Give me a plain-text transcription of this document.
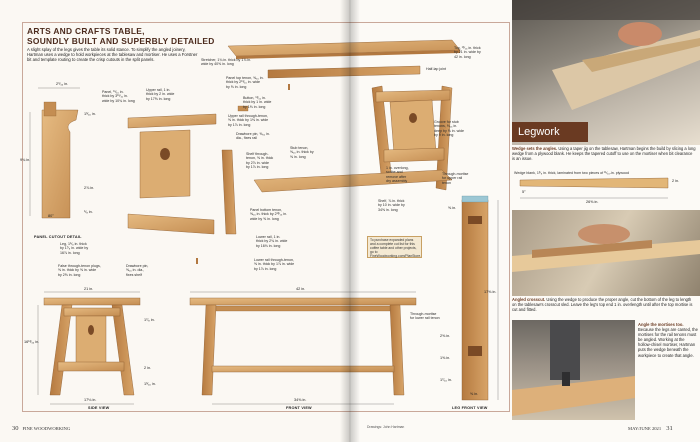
ARTS AND CRAFTS TABLE,
SOUNDLY BUILT AND SUPERBLY DETAILED

A slight splay of the legs gives the table its solid stance. To simplify the angled joinery, Hartman uses a wedge to hold workpieces at the tablesaw and mortiser. He uses a Forstner bit and template routing to create the crisp cutouts in the split panels.	Stretcher, 1¾ in. thick by 1⅞ in.
wide by 40⅝ in. long
Top, ¹³⁄₁₆ in. thick
by 21 in. wide by
42 in. long
Half-lap joint
Upper rail, 1 in.
thick by 2 in. wide
by 17⅝ in. long
Panel top tenon, ⅝₁₆ in.
thick by 2¹³⁄₁₆ in. wide
by ⅝ in. long
Panel, ¹¹⁄₁₆ in.
thick by 3¹⁵⁄₁₆ in.
wide by 10¾ in. long
Button, ¹³⁄₁₆ in.
thick by 1 in. wide
by 1⅜ in. long
Upper rail through-tenon,
⅝ in. thick by 1⅜ in. wide
by 1⅞ in. long
Drawbore pin, ⅝₁₆ in.
dia., fixes rail
Stub tenon,
⅝₁₆ in. thick by
⅝ in. long
Groove for stub
tenons, ⅝₁₆ in.
deep by ⅝ in. wide
by 9 in. long
Shelf through-
tenon, ⅝ in. thick
by 2⅞ in. wide
by 1⅞ in. long
Panel bottom tenon,
⅝₁₆ in. thick by 2¹³⁄₁₆ in.
wide by ⅝ in. long
Lower rail, 1 in.
thick by 2¾ in. wide
by 16⅛ in. long
Lower rail through-tenon,
⅝ in. thick by 1⅞ in. wide
by 1⅞ in. long
Leg, 1⁵⁄₈ in. thick
by 1⁷⁄₈ in. wide by
16⅞ in. long
1 in. overlong,
scribe and
remove after
dry assembly
Shelf, ⅞ in. thick
by 10 in. wide by
34⅝ in. long
Through-mortise
for upper rail
tenon
False through-tenon plugs,
⅝ in. thick by ⅝ in. wide
by 2⅝ in. long
Drawbore pin,
⅝₁₆ in. dia.,
fixes shelf
Through-mortise
for lower rail tenon
PANEL CUTOUT DETAIL
SIDE VIEW	FRONT VIEW	LEG FRONT VIEW
2⁹⁄₁₆ in.
1³⁄₁₆ in.
9¾ in.
2⅞ in.
⁵⁄₈ in.
80°
21 in.
16¹³⁄₁₆ in.
1⁷⁄₈ in.
2 in.
1³⁄₁₆ in.
17⅛ in.
42 in.
34⅝ in.
17⅜ in.
⅝ in.
2⅝ in.
1⅝ in.
1⁷⁄₁₆ in.
⅝ in.
To purchase expanded plans and a complete cut list for this coffee table and other projects, go to FineWoodworking.com/PlanStore.
Drawings: John Hartman
30 FINE WOODWORKING	MAY/JUNE 2021 31
Legwork

Wedge sets the angles. Using a taper jig on the tablesaw, Hartman begins the build by slicing a long wedge from a plywood blank. He keeps the tapered cutoff to use on the mortiser when bit clearance is an issue.

Wedge blank, 1³⁄₈ in. thick, laminated from two pieces of ¹¹⁄₁₆-in. plywood
2 in.
5°
26⅝ in.

Angled crosscut. Using the wedge to produce the proper angle, cut the bottom of the leg to length on the tablesaw's crosscut sled. Leave the leg's top end 1 in. overlength until after the top mortise is cut and fitted.

Angle the mortises too. Because the legs are canted, the mortises for the rail tenons must be angled. Working at the hollow-chisel mortiser, Hartman puts the wedge beneath the workpiece to create that angle.
